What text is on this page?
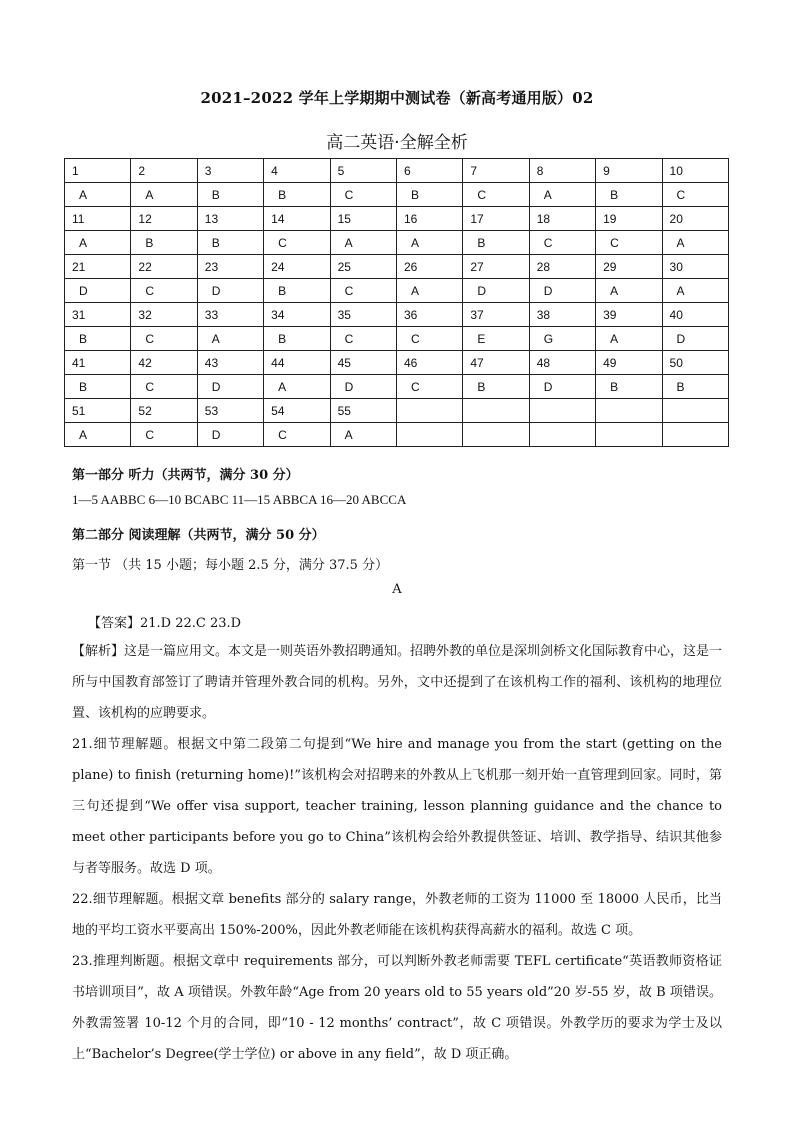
2021–2022 学年上学期期中测试卷（新高考通用版）02
高二英语·全解全析
1	2	3	4	5	6	7	8	9	10
A	A	B	B	C	B	C	A	B	C
11	12	13	14	15	16	17	18	19	20
A	B	B	C	A	A	B	C	C	A
21	22	23	24	25	26	27	28	29	30
D	C	D	B	C	A	D	D	A	A
31	32	33	34	35	36	37	38	39	40
B	C	A	B	C	C	E	G	A	D
41	42	43	44	45	46	47	48	49	50
B	C	D	A	D	C	B	D	B	B
51	52	53	54	55					
A	C	D	C	A					
第一部分 听力（共两节，满分 30 分）
1—5 AABBC 6—10 BCABC 11—15 ABBCA 16—20 ABCCA
第二部分 阅读理解（共两节，满分 50 分）
第一节 （共 15 小题；每小题 2.5 分，满分 37.5 分）
A
【答案】21.D 22.C 23.D

【解析】这是一篇应用文。本文是一则英语外教招聘通知。招聘外教的单位是深圳剑桥文化国际教育中心，这是一所与中国教育部签订了聘请并管理外教合同的机构。另外，文中还提到了在该机构工作的福利、该机构的地理位置、该机构的应聘要求。

21.细节理解题。根据文中第二段第二句提到“We hire and manage you from the start (getting on the plane) to finish (returning home)!”该机构会对招聘来的外教从上飞机那一刻开始一直管理到回家。同时，第三句还提到“We offer visa support, teacher training, lesson planning guidance and the chance to meet other participants before you go to China”该机构会给外教提供签证、培训、教学指导、结识其他参与者等服务。故选 D 项。

22.细节理解题。根据文章 benefits 部分的 salary range，外教老师的工资为 11000 至 18000 人民币，比当地的平均工资水平要高出 150%-200%，因此外教老师能在该机构获得高薪水的福利。故选 C 项。

23.推理判断题。根据文章中 requirements 部分，可以判断外教老师需要 TEFL certificate“英语教师资格证书培训项目”，故 A 项错误。外教年龄“Age from 20 years old to 55 years old”20 岁-55 岁，故 B 项错误。外教需签署 10-12 个月的合同，即“10 - 12 months’ contract”，故 C 项错误。外教学历的要求为学士及以上“Bachelor’s Degree(学士学位) or above in any field”，故 D 项正确。
